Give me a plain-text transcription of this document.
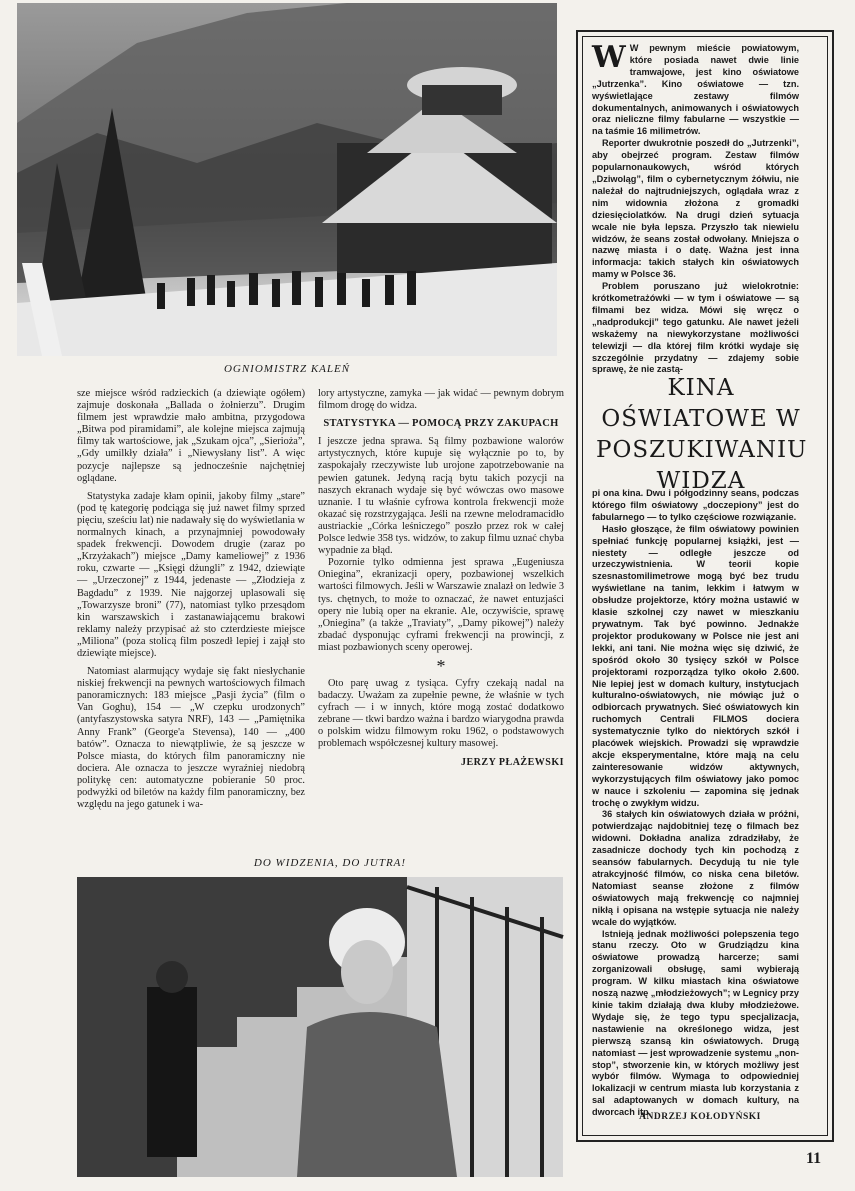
OGNIOMISTRZ KALEŃ

sze miejsce wśród radzieckich (a dziewiąte ogółem) zajmuje doskonała „Ballada o żołnierzu”. Drugim filmem jest wprawdzie mało ambitna, przygodowa „Bitwa pod piramidami”, ale kolejne miejsca zajmują filmy tak wartościowe, jak „Szukam ojca”, „Sierioża”, „Gdy umilkły działa” i „Niewysłany list”. A więc pozycje najlepsze są jednocześnie najchętniej oglądane.

Statystyka zadaje kłam opinii, jakoby filmy „stare” (pod tę kategorię podciąga się już nawet filmy sprzed pięciu, sześciu lat) nie nadawały się do wyświetlania w normalnych kinach, a przynajmniej powodowały spadek frekwencji. Dowodem drugie (zaraz po „Krzyżakach”) miejsce „Damy kameliowej” z 1936 roku, czwarte — „Księgi dżungli” z 1942, dziewiąte — „Urzeczonej” z 1944, jedenaste — „Złodzieja z Bagdadu” z 1939. Nie najgorzej uplasowali się „Towarzysze broni” (77), natomiast tylko przesądom kin warszawskich i zastanawiającemu brakowi reklamy należy przypisać aż sto czterdzieste miejsce „Miliona” (poza stolicą film poszedł lepiej i zajął sto dziewiąte miejsce).

Natomiast alarmujący wydaje się fakt niesłychanie niskiej frekwencji na pewnych wartościowych filmach panoramicznych: 183 miejsce „Pasji życia” (film o Van Goghu), 154 — „W czepku urodzonych” (antyfaszystowska satyra NRF), 143 — „Pamiętnika Anny Frank” (George'a Stevensa), 140 — „400 batów”. Oznacza to niewątpliwie, że są jeszcze w Polsce miasta, do których film panoramiczny nie dociera. Ale oznacza to jeszcze wyraźniej niedobrą politykę cen: automatyczne pobieranie 50 proc. podwyżki od biletów na każdy film panoramiczny, bez względu na jego gatunek i wa-

lory artystyczne, zamyka — jak widać — pewnym dobrym filmom drogę do widza.

STATYSTYKA — POMOCĄ PRZY ZAKUPACH

I jeszcze jedna sprawa. Są filmy pozbawione walorów artystycznych, które kupuje się wyłącznie po to, by zaspokajały rzeczywiste lub urojone zapotrzebowanie na pewien gatunek. Jedyną racją bytu takich pozycji na naszych ekranach wydaje się być wówczas owo masowe uznanie. I tu właśnie cyfrowa kontrola frekwencji może okazać się rozstrzygająca. Jeśli na rzewne melodramacidło austriackie „Córka leśniczego” poszło przez rok w całej Polsce ledwie 358 tys. widzów, to zakup filmu uznać chyba wypadnie za błąd.

Pozornie tylko odmienna jest sprawa „Eugeniusza Oniegina”, ekranizacji opery, pozbawionej wszelkich wartości filmowych. Jeśli w Warszawie znalazł on ledwie 3 tys. chętnych, to może to oznaczać, że nawet entuzjaści opery nie lubią oper na ekranie. Ale, oczywiście, sprawę „Oniegina” (a także „Traviaty”, „Damy pikowej”) należy zbadać dysponując cyframi frekwencji na prowincji, z miast pozbawionych sceny operowej.

*

Oto parę uwag z tysiąca. Cyfry czekają nadal na badaczy. Uważam za zupełnie pewne, że właśnie w tych cyfrach — i w innych, które mogą zostać dodatkowo zebrane — tkwi bardzo ważna i bardzo wiarygodna prawda o polskim widzu filmowym roku 1962, o podstawowych problemach współczesnej kultury masowej.

JERZY PŁAŻEWSKI
DO WIDZENIA, DO JUTRA!
W W pewnym mieście powiatowym, które posiada nawet dwie linie tramwajowe, jest kino oświatowe „Jutrzenka”. Kino oświatowe — tzn. wyświetlające zestawy filmów dokumentalnych, animowanych i oświatowych oraz nieliczne filmy fabularne — wszystkie — na taśmie 16 milimetrów.

Reporter dwukrotnie poszedł do „Jutrzenki”, aby obejrzeć program. Zestaw filmów popularnonaukowych, wśród których „Dziwoląg”, film o cybernetycznym żółwiu, nie należał do najtrudniejszych, oglądała wraz z nim widownia złożona z gromadki dziesięciolatków. Na drugi dzień sytuacja wcale nie była lepsza. Przyszło tak niewielu widzów, że seans został odwołany. Mniejsza o nazwę miasta i o datę. Ważna jest inna informacja: takich stałych kin oświatowych mamy w Polsce 36.

Problem poruszano już wielokrotnie: krótkometrażówki — w tym i oświatowe — są filmami bez widza. Mówi się wręcz o „nadprodukcji” tego gatunku. Ale nawet jeżeli wskażemy na niewykorzystane możliwości telewizji — dla której film krótki wydaje się szczególnie przydatny — zdajemy sobie sprawę, że nie zastą-

KINA OŚWIATOWE W POSZUKIWANIU WIDZA

pi ona kina. Dwu i półgodzinny seans, podczas którego film oświatowy „doczepiony” jest do fabularnego — to tylko częściowe rozwiązanie.

Hasło głoszące, że film oświatowy powinien spełniać funkcję popularnej książki, jest — niestety — odległe jeszcze od urzeczywistnienia. W teorii kopie szesnastomilimetrowe mogą być bez trudu wyświetlane na tanim, lekkim i łatwym w obsłudze projektorze, który można ustawić w klasie szkolnej czy nawet w mieszkaniu prywatnym. Tak być powinno. Jednakże projektor produkowany w Polsce nie jest ani lekki, ani tani. Nie można więc się dziwić, że spośród około 30 tysięcy szkół w Polsce projektorami rozporządza tylko około 2.600. Nie lepiej jest w domach kultury, instytucjach kulturalno-oświatowych, nie mówiąc już o odbiorcach prywatnych. Sieć oświatowych kin ruchomych Centrali FILMOS dociera systematycznie tylko do niektórych szkół i placówek wiejskich. Prowadzi się wprawdzie akcje eksperymentalne, które mają na celu zainteresowanie widzów aktywnych, wykorzystujących film oświatowy jako pomoc w nauce i szkoleniu — zapomina się jednak trochę o zwykłym widzu.

36 stałych kin oświatowych działa w próżni, potwierdzając najdobitniej tezę o filmach bez widowni. Dokładna analiza zdradziłaby, że zasadnicze dochody tych kin pochodzą z seansów fabularnych. Decydują tu nie tyle atrakcyjność filmów, co niska cena biletów. Natomiast seanse złożone z filmów oświatowych mają frekwencję co najmniej nikłą i opisana na wstępie sytuacja nie należy wcale do wyjątków.

Istnieją jednak możliwości polepszenia tego stanu rzeczy. Oto w Grudziądzu kina oświatowe prowadzą harcerze; sami zorganizowali obsługę, sami wybierają program. W kilku miastach kina oświatowe noszą nazwę „młodzieżowych”; w Legnicy przy kinie takim działają dwa kluby młodzieżowe. Wydaje się, że tego typu specjalizacja, nastawienie na określonego widza, jest pierwszą szansą kin oświatowych. Drugą natomiast — jest wprowadzenie systemu „non-stop”, stworzenie kin, w których możliwy jest wybór filmów. Wymaga to odpowiedniej lokalizacji w centrum miasta lub korzystania z sal adaptowanych w domach kultury, na dworcach itp.

ANDRZEJ KOŁODYŃSKI
11
